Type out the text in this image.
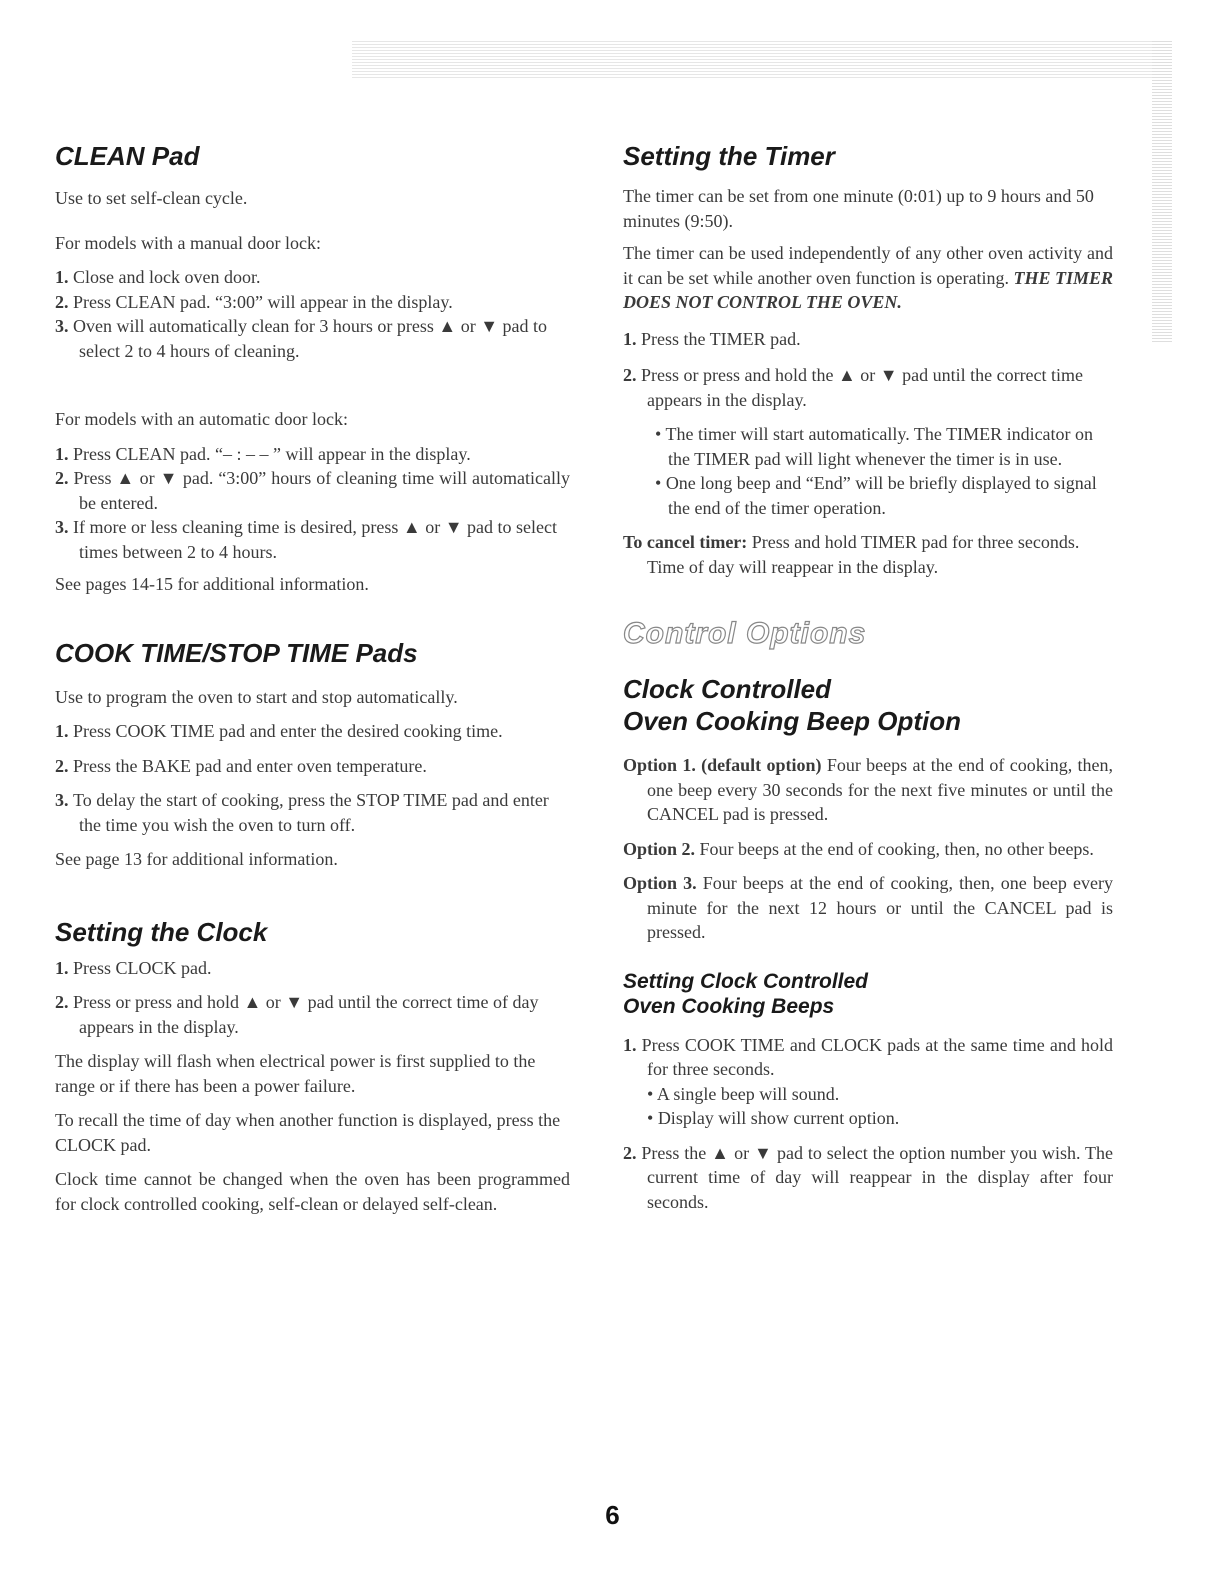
CLEAN Pad

Use to set self-clean cycle.

For models with a manual door lock:

1. Close and lock oven door.

2. Press CLEAN pad. “3:00” will appear in the display.

3. Oven will automatically clean for 3 hours or press ▲ or ▼ pad to select 2 to 4 hours of cleaning.

For models with an automatic door lock:

1. Press CLEAN pad. “– : – – ” will appear in the display.

2. Press ▲ or ▼ pad. “3:00” hours of cleaning time will automatically be entered.

3. If more or less cleaning time is desired, press ▲ or ▼ pad to select times between 2 to 4 hours.

See pages 14-15 for additional information.

COOK TIME/STOP TIME Pads

Use to program the oven to start and stop automatically.

1. Press COOK TIME pad and enter the desired cooking time.

2. Press the BAKE pad and enter oven temperature.

3. To delay the start of cooking, press the STOP TIME pad and enter the time you wish the oven to turn off.

See page 13 for additional information.

Setting the Clock

1. Press CLOCK pad.

2. Press or press and hold ▲ or ▼ pad until the correct time of day appears in the display.

The display will flash when electrical power is first supplied to the range or if there has been a power failure.

To recall the time of day when another function is displayed, press the CLOCK pad.

Clock time cannot be changed when the oven has been programmed for clock controlled cooking, self-clean or delayed self-clean.

Setting the Timer

The timer can be set from one minute (0:01) up to 9 hours and 50 minutes (9:50).

The timer can be used independently of any other oven activity and it can be set while another oven function is operating. THE TIMER DOES NOT CONTROL THE OVEN.

1. Press the TIMER pad.

2. Press or press and hold the ▲ or ▼ pad until the correct time appears in the display.

• The timer will start automatically. The TIMER indicator on the TIMER pad will light whenever the timer is in use.

• One long beep and “End” will be briefly displayed to signal the end of the timer operation.

To cancel timer: Press and hold TIMER pad for three seconds. Time of day will reappear in the display.

Control Options
Clock Controlled
Oven Cooking Beep Option

Option 1. (default option) Four beeps at the end of cooking, then, one beep every 30 seconds for the next five minutes or until the CANCEL pad is pressed.

Option 2. Four beeps at the end of cooking, then, no other beeps.

Option 3. Four beeps at the end of cooking, then, one beep every minute for the next 12 hours or until the CANCEL pad is pressed.

Setting Clock Controlled
Oven Cooking Beeps

1. Press COOK TIME and CLOCK pads at the same time and hold for three seconds.

• A single beep will sound.

• Display will show current option.

2. Press the ▲ or ▼ pad to select the option number you wish. The current time of day will reappear in the display after four seconds.

6
